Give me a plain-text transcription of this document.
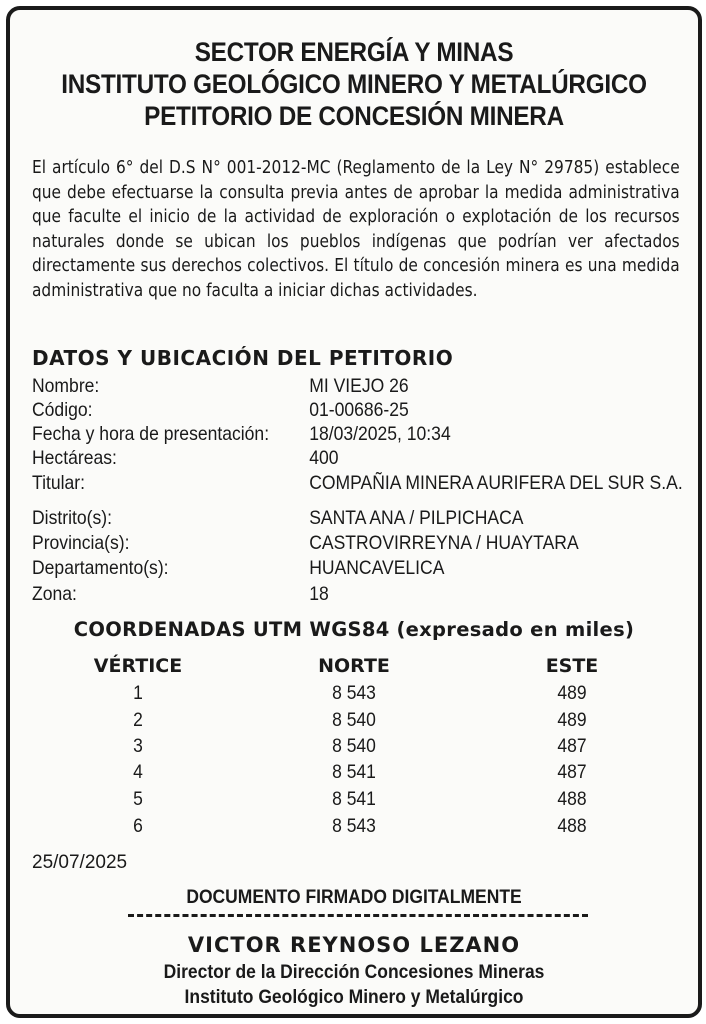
SECTOR ENERGÍA Y MINAS
INSTITUTO GEOLÓGICO MINERO Y METALÚRGICO
PETITORIO DE CONCESIÓN MINERA
El artículo 6° del D.S N° 001-2012-MC (Reglamento de la Ley N° 29785) establece que debe efectuarse la consulta previa antes de aprobar la medida administrativa que faculte el inicio de la actividad de exploración o explotación de los recursos naturales donde se ubican los pueblos indígenas que podrían ver afectados directamente sus derechos colectivos. El título de concesión minera es una medida administrativa que no faculta a iniciar dichas actividades.
DATOS Y UBICACIÓN DEL PETITORIO
Nombre:	MI VIEJO 26
Código:	01-00686-25
Fecha y hora de presentación: 18/03/2025, 10:34
Hectáreas:	400
Titular:	COMPAÑIA MINERA AURIFERA DEL SUR S.A.
Distrito(s):	SANTA ANA / PILPICHACA
Provincia(s):	CASTROVIRREYNA / HUAYTARA
Departamento(s):	HUANCAVELICA
Zona:	18
COORDENADAS UTM WGS84 (expresado en miles)
VÉRTICE	NORTE	ESTE
1	8 543	489
2	8 540	489
3	8 540	487
4	8 541	487
5	8 541	488
6	8 543	488
25/07/2025
DOCUMENTO FIRMADO DIGITALMENTE
VICTOR REYNOSO LEZANO
Director de la Dirección Concesiones Mineras
Instituto Geológico Minero y Metalúrgico
